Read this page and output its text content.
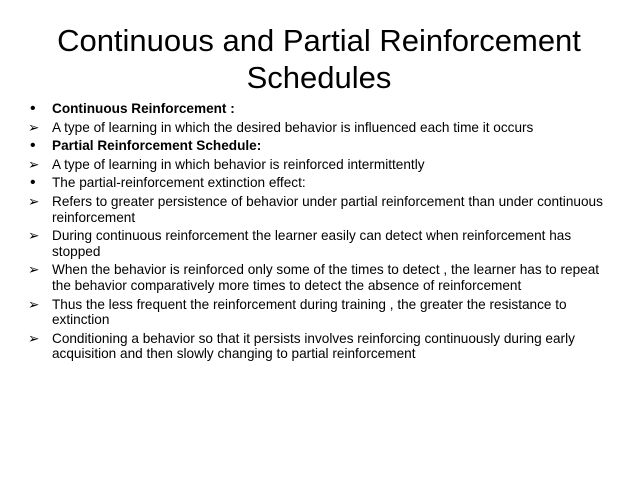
Continuous and Partial Reinforcement
Schedules
•	Continuous Reinforcement :
➢ A type of learning in which the desired behavior is influenced each time it occurs
•	Partial Reinforcement Schedule:
➢ A type of learning in which behavior is reinforced intermittently
•	The partial-reinforcement extinction effect:
➢ Refers to greater persistence of behavior under partial reinforcement than under continuous reinforcement
➢ During continuous reinforcement the learner easily can detect when reinforcement has stopped
➢ When the behavior is reinforced only some of the times to detect , the learner has to repeat the behavior comparatively more times to detect the absence of reinforcement
➢ Thus the less frequent the reinforcement during training , the greater the resistance to extinction
➢ Conditioning a behavior so that it persists involves reinforcing continuously during early acquisition and then slowly changing to partial reinforcement
